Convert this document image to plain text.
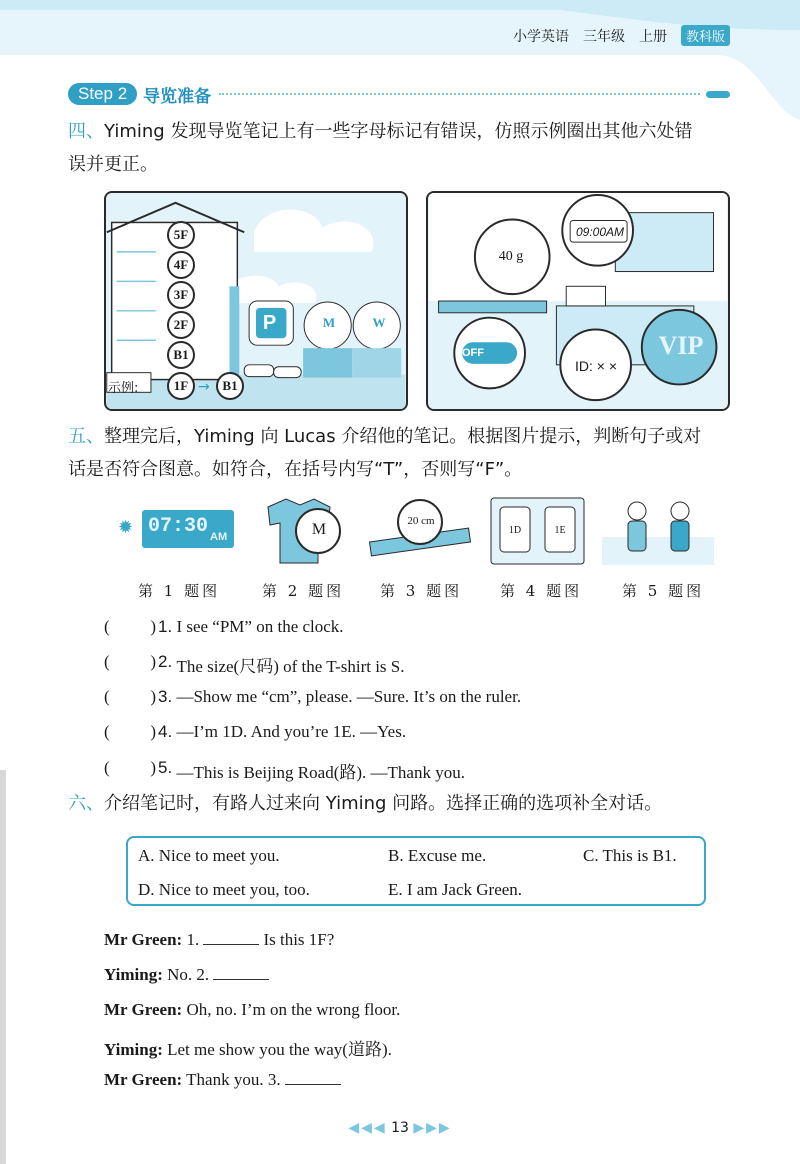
小学英语 三年级 上册	教科版
Step 2 导览准备
四、Yiming 发现导览笔记上有一些字母标记有错误，仿照示例圈出其他六处错
误并更正。
5F
4F
3F
2F
B1
示例:	1F → B1
P	M	W
09:00AM
40 g
OFF
ID: × ×
VIP
五、整理完后，Yiming 向 Lucas 介绍他的笔记。根据图片提示，判断句子或对
话是否符合图意。如符合，在括号内写“T”，否则写“F”。
✹ 07:30 AM	M	20 cm
1D	1E
第 1 题图	第 2 题图 第 3 题图	第 4 题图	第 5 题图
( ) 1.
I see “PM” on the clock.
( ) 2.
The size(尺码) of the T-shirt is S.
( ) 3.
—Show me “cm”, please. —Sure. It’s on the ruler.
( ) 4.
—I’m 1D. And you’re 1E. —Yes.
( ) 5.
—This is Beijing Road(路). —Thank you.
六、介绍笔记时，有路人过来向 Yiming 问路。选择正确的选项补全对话。
A. Nice to meet you.	B. Excuse me.	C. This is B1.
D. Nice to meet you, too.	E. I am Jack Green.
Mr Green: 1.	Is this 1F?
Yiming: No. 2.
Mr Green: Oh, no. I’m on the wrong floor.
Yiming: Let me show you the way(道路).
Mr Green: Thank you. 3.
◀◀◀ 13 ▶▶▶
